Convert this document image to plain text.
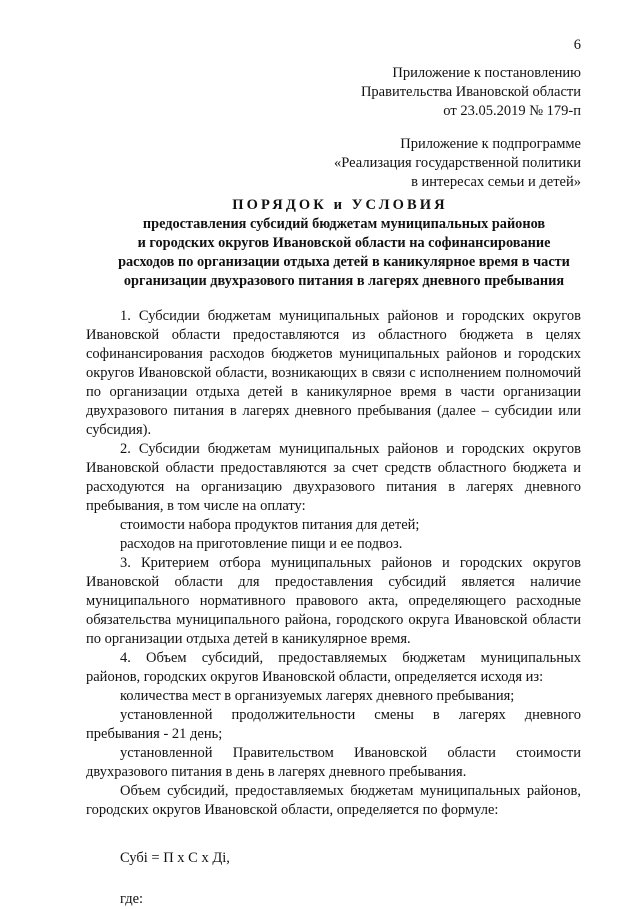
6
Приложение к постановлению
Правительства Ивановской области
от 23.05.2019 № 179-п
Приложение к подпрограмме
«Реализация государственной политики
в интересах семьи и детей»
ПОРЯДОК и УСЛОВИЯ
предоставления субсидий бюджетам муниципальных районов
и городских округов Ивановской области на софинансирование
расходов по организации отдыха детей в каникулярное время в части
организации двухразового питания в лагерях дневного пребывания

1. Субсидии бюджетам муниципальных районов и городских округов Ивановской области предоставляются из областного бюджета в целях софинансирования расходов бюджетов муниципальных районов и городских округов Ивановской области, возникающих в связи с исполнением полномочий по организации отдыха детей в каникулярное время в части организации двухразового питания в лагерях дневного пребывания (далее – субсидии или субсидия).

2. Субсидии бюджетам муниципальных районов и городских округов Ивановской области предоставляются за счет средств областного бюджета и расходуются на организацию двухразового питания в лагерях дневного пребывания, в том числе на оплату:

стоимости набора продуктов питания для детей;

расходов на приготовление пищи и ее подвоз.

3. Критерием отбора муниципальных районов и городских округов Ивановской области для предоставления субсидий является наличие муниципального нормативного правового акта, определяющего расходные обязательства муниципального района, городского округа Ивановской области по организации отдыха детей в каникулярное время.

4. Объем субсидий, предоставляемых бюджетам муниципальных районов, городских округов Ивановской области, определяется исходя из:

количества мест в организуемых лагерях дневного пребывания;

установленной продолжительности смены в лагерях дневного пребывания - 21 день;

установленной Правительством Ивановской области стоимости двухразового питания в день в лагерях дневного пребывания.

Объем субсидий, предоставляемых бюджетам муниципальных районов, городских округов Ивановской области, определяется по формуле:

Субі = П х С х Ді,

где:
